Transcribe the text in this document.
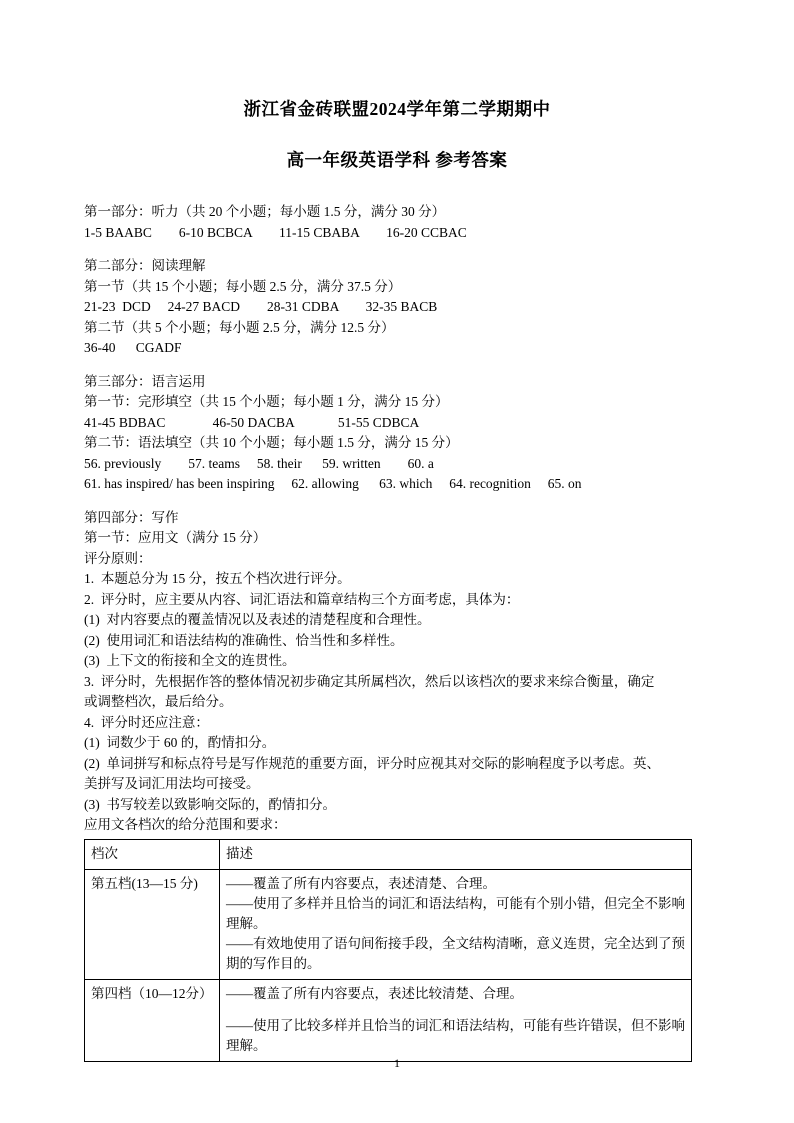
浙江省金砖联盟2024学年第二学期期中
高一年级英语学科 参考答案
第一部分：听力（共 20 个小题；每小题 1.5 分，满分 30 分）
1-5 BAABC        6-10 BCBCA        11-15 CBABA        16-20 CCBAC
第二部分：阅读理解
第一节（共 15 个小题；每小题 2.5 分，满分 37.5 分）
21-23  DCD     24-27 BACD        28-31 CDBA        32-35 BACB
第二节（共 5 个小题；每小题 2.5 分，满分 12.5 分）
36-40      CGADF
第三部分：语言运用
第一节：完形填空（共 15 个小题；每小题 1 分，满分 15 分）
41-45 BDBAC              46-50 DACBA             51-55 CDBCA
第二节：语法填空（共 10 个小题；每小题 1.5 分，满分 15 分）
56. previously        57. teams     58. their      59. written        60. a
61. has inspired/ has been inspiring     62. allowing      63. which     64. recognition     65. on
第四部分：写作
第一节：应用文（满分 15 分）
评分原则：
1.  本题总分为 15 分，按五个档次进行评分。
2.  评分时，应主要从内容、词汇语法和篇章结构三个方面考虑，具体为：
(1)  对内容要点的覆盖情况以及表述的清楚程度和合理性。
(2)  使用词汇和语法结构的准确性、恰当性和多样性。
(3)  上下文的衔接和全文的连贯性。
3.  评分时，先根据作答的整体情况初步确定其所属档次，然后以该档次的要求来综合衡量，确定
或调整档次，最后给分。
4.  评分时还应注意：
(1)  词数少于 60 的，酌情扣分。
(2)  单词拼写和标点符号是写作规范的重要方面，评分时应视其对交际的影响程度予以考虑。英、
美拼写及词汇用法均可接受。
(3)  书写较差以致影响交际的，酌情扣分。
应用文各档次的给分范围和要求：
档次	描述
第五档(13—15 分)	——覆盖了所有内容要点，表述清楚、合理。
——使用了多样并且恰当的词汇和语法结构，可能有个别小错，但完全不影响理解。
——有效地使用了语句间衔接手段，全文结构清晰，意义连贯，完全达到了预期的写作目的。

第四档（10—12分）	——覆盖了所有内容要点，表述比较清楚、合理。
——使用了比较多样并且恰当的词汇和语法结构，可能有些许错误，但不影响理解。
1
